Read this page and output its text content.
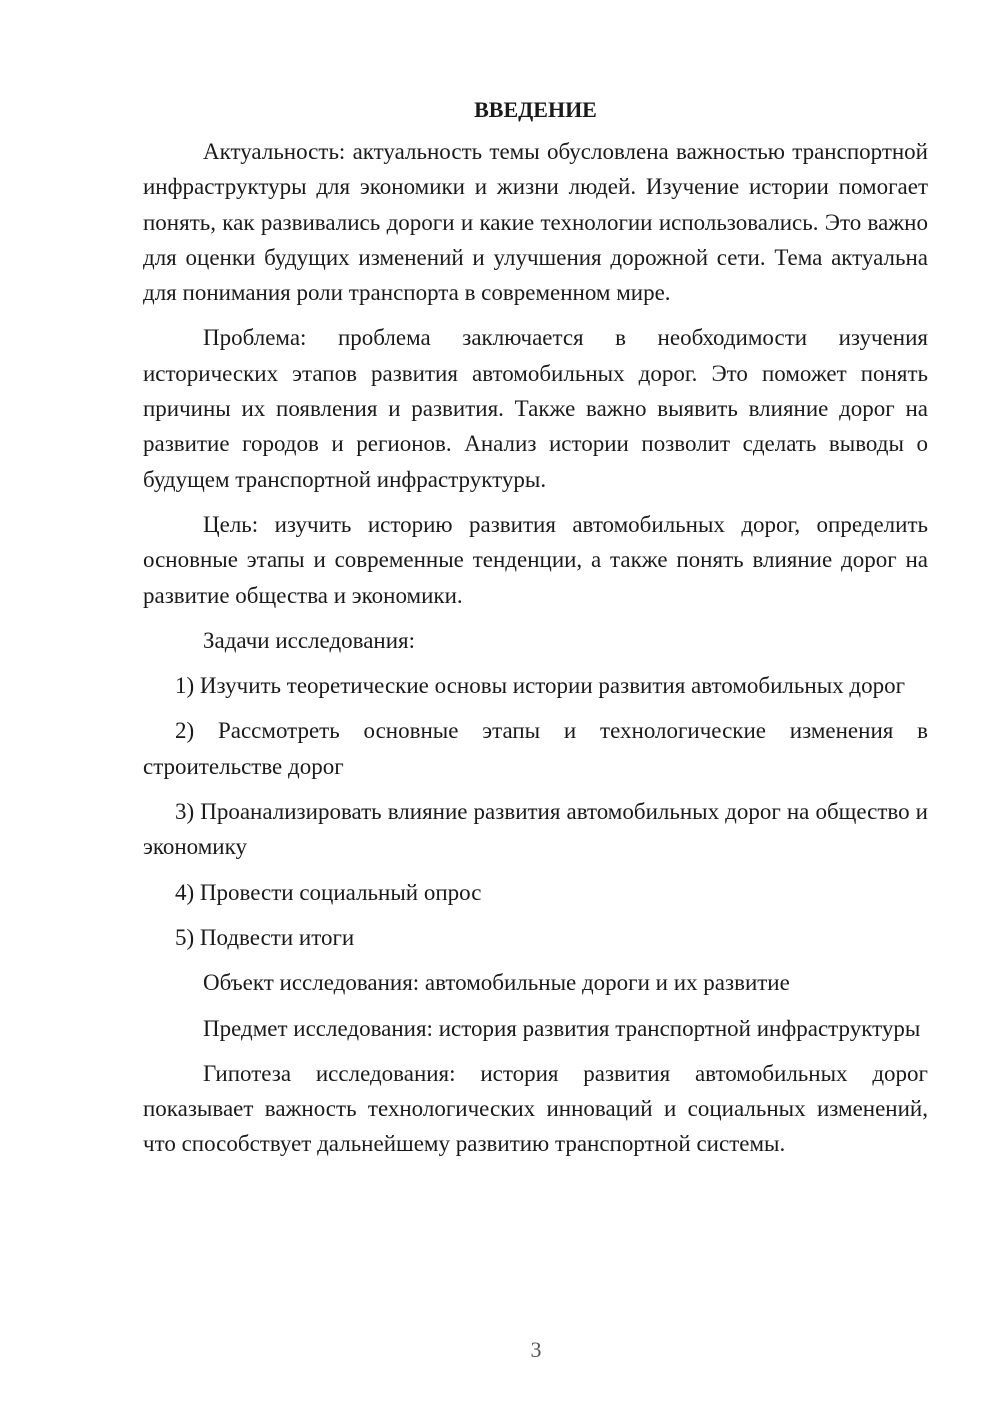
ВВЕДЕНИЕ

Актуальность: актуальность темы обусловлена важностью транспортной инфраструктуры для экономики и жизни людей. Изучение истории помогает понять, как развивались дороги и какие технологии использовались. Это важно для оценки будущих изменений и улучшения дорожной сети. Тема актуальна для понимания роли транспорта в современном мире.

Проблема: проблема заключается в необходимости изучения исторических этапов развития автомобильных дорог. Это поможет понять причины их появления и развития. Также важно выявить влияние дорог на развитие городов и регионов. Анализ истории позволит сделать выводы о будущем транспортной инфраструктуры.

Цель: изучить историю развития автомобильных дорог, определить основные этапы и современные тенденции, а также понять влияние дорог на развитие общества и экономики.

Задачи исследования:

1) Изучить теоретические основы истории развития автомобильных дорог

2) Рассмотреть основные этапы и технологические изменения в строительстве дорог

3) Проанализировать влияние развития автомобильных дорог на общество и экономику

4) Провести социальный опрос

5) Подвести итоги

Объект исследования: автомобильные дороги и их развитие

Предмет исследования: история развития транспортной инфраструктуры

Гипотеза исследования: история развития автомобильных дорог показывает важность технологических инноваций и социальных изменений, что способствует дальнейшему развитию транспортной системы.

3
